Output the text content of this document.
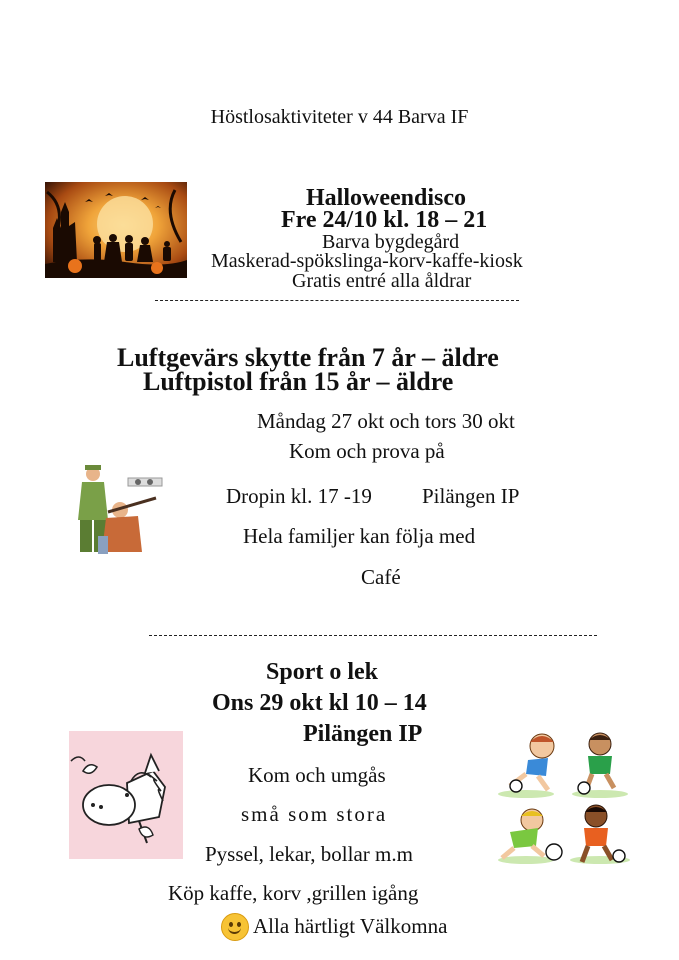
Höstlosaktiviteter v 44 Barva IF
Halloweendisco
Fre 24/10 kl. 18 – 21
Barva bygdegård
Maskerad-spökslinga-korv-kaffe-kiosk
Gratis entré alla åldrar
Luftgevärs skytte från 7 år – äldre
Luftpistol från 15 år – äldre
Måndag 27 okt och tors 30 okt
Kom och prova på
Dropin kl. 17 -19 Pilängen IP
Hela familjer kan följa med
Café
Sport o lek
Ons 29 okt kl 10 – 14
Pilängen IP
Kom och umgås
små som stora
Pyssel, lekar, bollar m.m
Köp kaffe, korv ,grillen igång
Alla härtligt Välkomna
